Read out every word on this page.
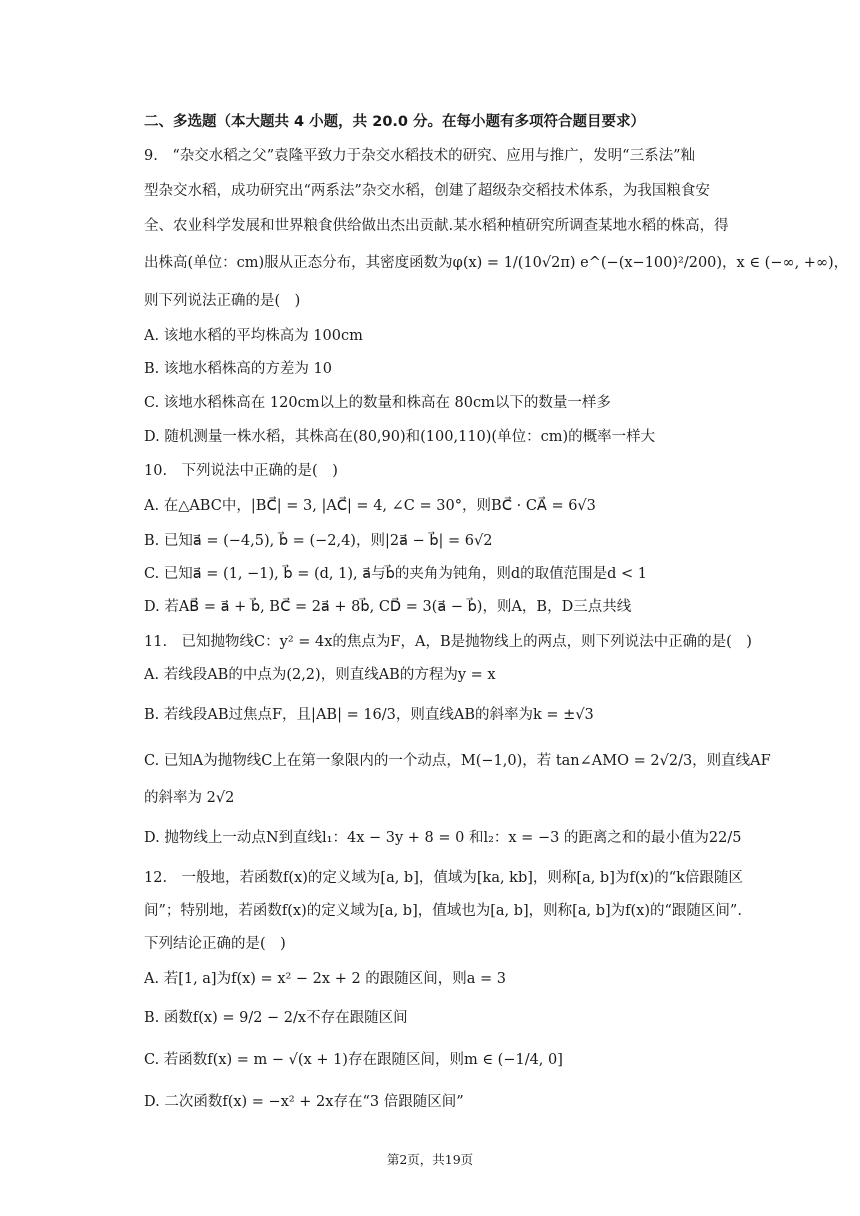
二、多选题（本大题共 4 小题，共 20.0 分。在每小题有多项符合题目要求）
9.　“杂交水稻之父”袁隆平致力于杂交水稻技术的研究、应用与推广，发明“三系法”籼
型杂交水稻，成功研究出“两系法”杂交水稻，创建了超级杂交稻技术体系，为我国粮食安
全、农业科学发展和世界粮食供给做出杰出贡献.某水稻种植研究所调查某地水稻的株高，得
出株高(单位：cm)服从正态分布，其密度函数为φ(x) = 1/(10√2π) e^(−(x−100)²/200)，x ∈ (−∞, +∞)，
则下列说法正确的是(　)
A. 该地水稻的平均株高为 100cm
B. 该地水稻株高的方差为 10
C. 该地水稻株高在 120cm以上的数量和株高在 80cm以下的数量一样多
D. 随机测量一株水稻，其株高在(80,90)和(100,110)(单位：cm)的概率一样大
10.　下列说法中正确的是(　)
A. 在△ABC中，|BC⃗| = 3, |AC⃗| = 4, ∠C = 30°，则BC⃗ · CA⃗ = 6√3
B. 已知a⃗ = (−4,5), b⃗ = (−2,4)，则|2a⃗ − b⃗| = 6√2
C. 已知a⃗ = (1, −1), b⃗ = (d, 1), a⃗与b⃗的夹角为钝角，则d的取值范围是d < 1
D. 若AB⃗ = a⃗ + b⃗, BC⃗ = 2a⃗ + 8b⃗, CD⃗ = 3(a⃗ − b⃗)，则A，B，D三点共线
11.　已知抛物线C：y² = 4x的焦点为F，A，B是抛物线上的两点，则下列说法中正确的是(　)
A. 若线段AB的中点为(2,2)，则直线AB的方程为y = x
B. 若线段AB过焦点F，且|AB| = 16/3，则直线AB的斜率为k = ±√3
C. 已知A为抛物线C上在第一象限内的一个动点，M(−1,0)，若 tan∠AMO = 2√2/3，则直线AF
的斜率为 2√2
D. 抛物线上一动点N到直线l₁：4x − 3y + 8 = 0 和l₂：x = −3 的距离之和的最小值为22/5
12.　一般地，若函数f(x)的定义域为[a, b]，值域为[ka, kb]，则称[a, b]为f(x)的“k倍跟随区
间”；特别地，若函数f(x)的定义域为[a, b]，值域也为[a, b]，则称[a, b]为f(x)的“跟随区间”.
下列结论正确的是(　)
A. 若[1, a]为f(x) = x² − 2x + 2 的跟随区间，则a = 3
B. 函数f(x) = 9/2 − 2/x不存在跟随区间
C. 若函数f(x) = m − √(x + 1)存在跟随区间，则m ∈ (−1/4, 0]
D. 二次函数f(x) = −x² + 2x存在“3 倍跟随区间”
第2页，共19页
